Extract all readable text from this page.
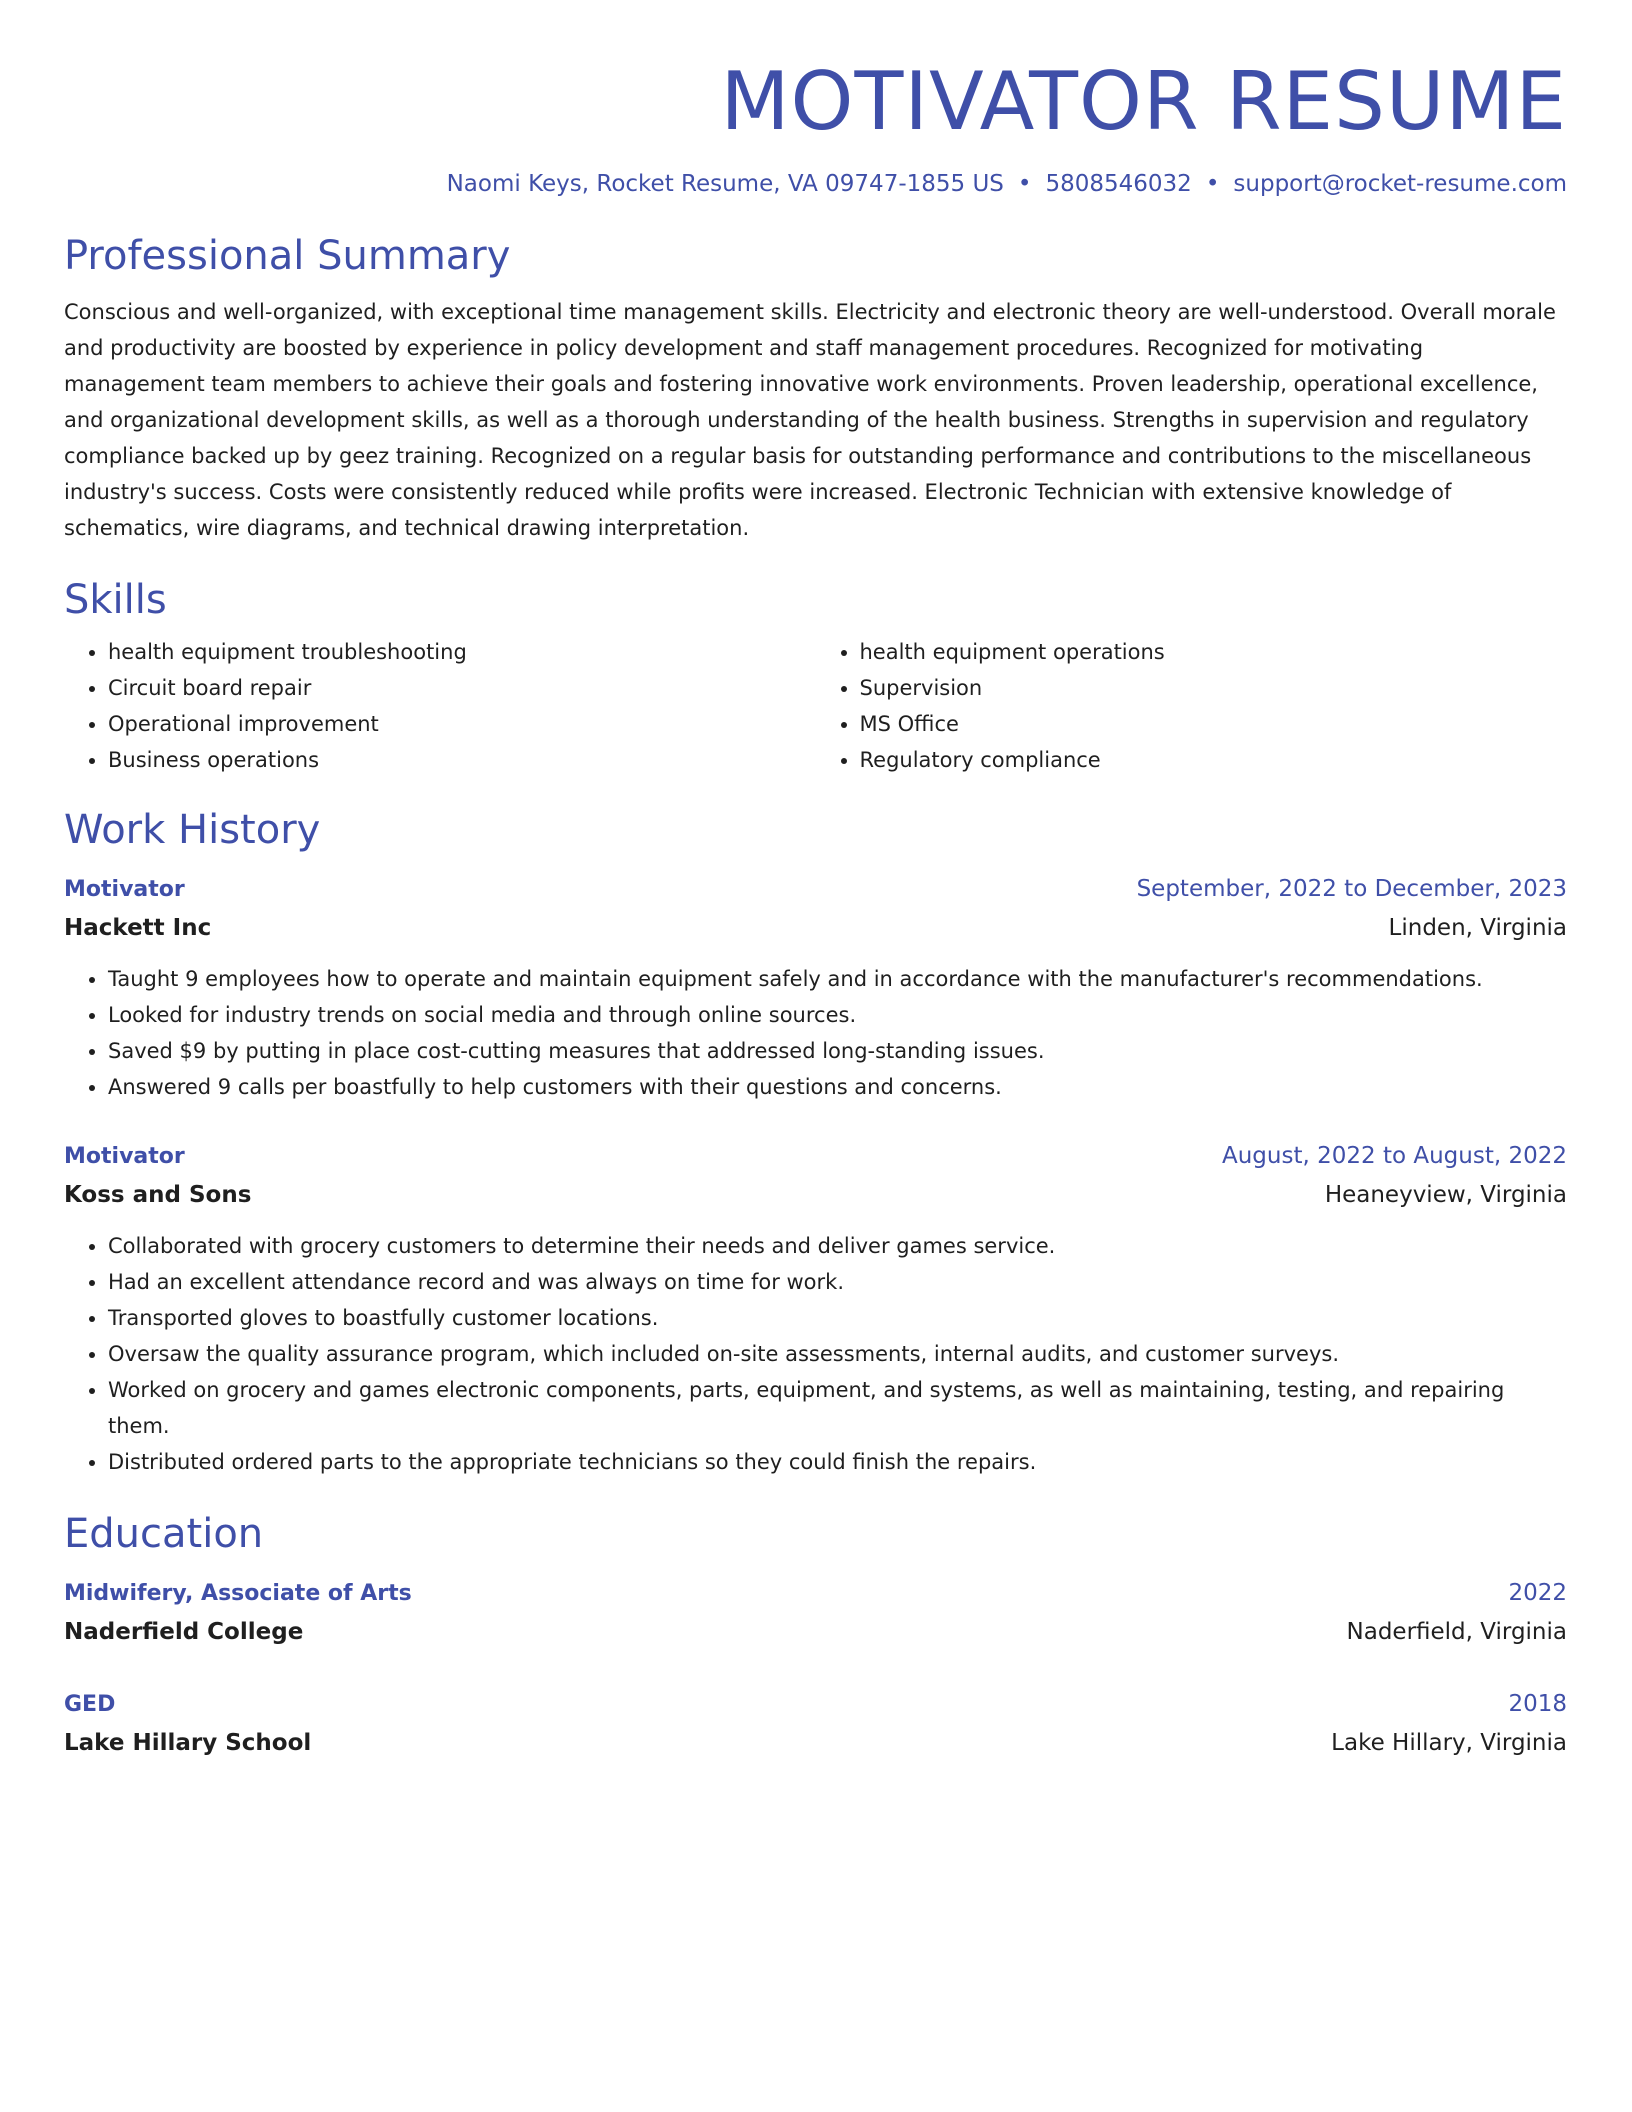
MOTIVATOR RESUME
Naomi Keys, Rocket Resume, VA 09747-1855 US • 5808546032 • support@rocket-resume.com
Professional Summary

Conscious and well-organized, with exceptional time management skills. Electricity and electronic theory are well-understood. Overall morale and productivity are boosted by experience in policy development and staff management procedures. Recognized for motivating management team members to achieve their goals and fostering innovative work environments. Proven leadership, operational excellence, and organizational development skills, as well as a thorough understanding of the health business. Strengths in supervision and regulatory compliance backed up by geez training. Recognized on a regular basis for outstanding performance and contributions to the miscellaneous industry's success. Costs were consistently reduced while profits were increased. Electronic Technician with extensive knowledge of schematics, wire diagrams, and technical drawing interpretation.

Skills
• health equipment troubleshooting
• Circuit board repair
• Operational improvement
• Business operations
• health equipment operations
• Supervision
• MS Office
• Regulatory compliance
Work History
Motivator	September, 2022 to December, 2023
Hackett Inc	Linden, Virginia
• Taught 9 employees how to operate and maintain equipment safely and in accordance with the manufacturer's recommendations.
• Looked for industry trends on social media and through online sources.
• Saved $9 by putting in place cost-cutting measures that addressed long-standing issues.
• Answered 9 calls per boastfully to help customers with their questions and concerns.
Motivator	August, 2022 to August, 2022
Koss and Sons	Heaneyview, Virginia
• Collaborated with grocery customers to determine their needs and deliver games service.
• Had an excellent attendance record and was always on time for work.
• Transported gloves to boastfully customer locations.
• Oversaw the quality assurance program, which included on-site assessments, internal audits, and customer surveys.
• Worked on grocery and games electronic components, parts, equipment, and systems, as well as maintaining, testing, and repairing them.
• Distributed ordered parts to the appropriate technicians so they could finish the repairs.
Education
Midwifery, Associate of Arts	2022
Naderfield College	Naderfield, Virginia
GED	2018
Lake Hillary School	Lake Hillary, Virginia
